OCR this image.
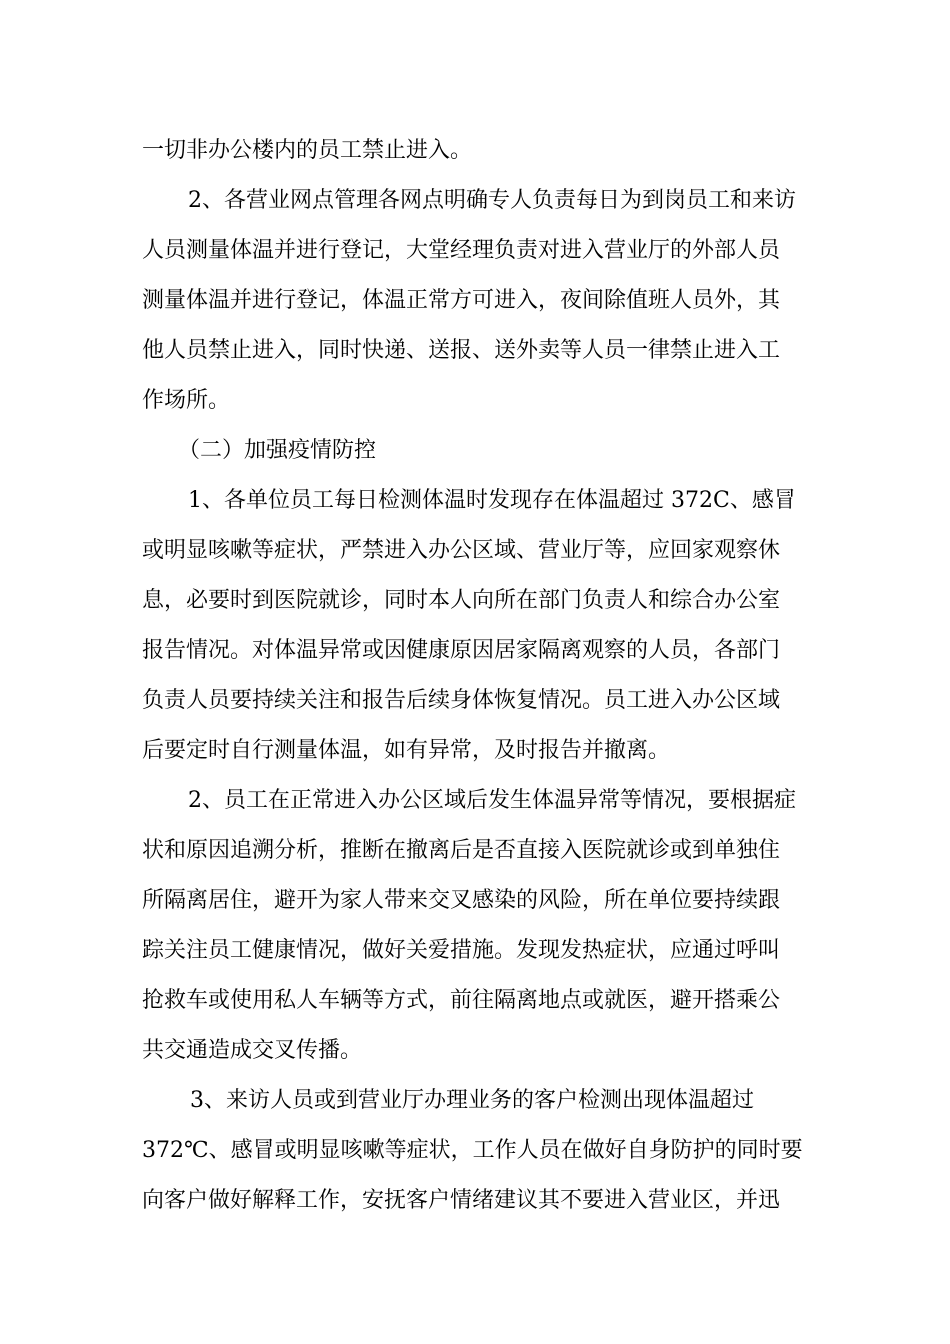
一切非办公楼内的员工禁止进入。
2、各营业网点管理各网点明确专人负责每日为到岗员工和来访
人员测量体温并进行登记，大堂经理负责对进入营业厅的外部人员
测量体温并进行登记，体温正常方可进入，夜间除值班人员外，其
他人员禁止进入，同时快递、送报、送外卖等人员一律禁止进入工
作场所。
（二）加强疫情防控
1、各单位员工每日检测体温时发现存在体温超过 372C、感冒
或明显咳嗽等症状，严禁进入办公区域、营业厅等，应回家观察休
息，必要时到医院就诊，同时本人向所在部门负责人和综合办公室
报告情况。对体温异常或因健康原因居家隔离观察的人员，各部门
负责人员要持续关注和报告后续身体恢复情况。员工进入办公区域
后要定时自行测量体温，如有异常，及时报告并撤离。
2、员工在正常进入办公区域后发生体温异常等情况，要根据症
状和原因追溯分析，推断在撤离后是否直接入医院就诊或到单独住
所隔离居住，避开为家人带来交叉感染的风险，所在单位要持续跟
踪关注员工健康情况，做好关爱措施。发现发热症状，应通过呼叫
抢救车或使用私人车辆等方式，前往隔离地点或就医，避开搭乘公
共交通造成交叉传播。
3、来访人员或到营业厅办理业务的客户检测出现体温超过
372℃、感冒或明显咳嗽等症状，工作人员在做好自身防护的同时要
向客户做好解释工作，安抚客户情绪建议其不要进入营业区，并迅
